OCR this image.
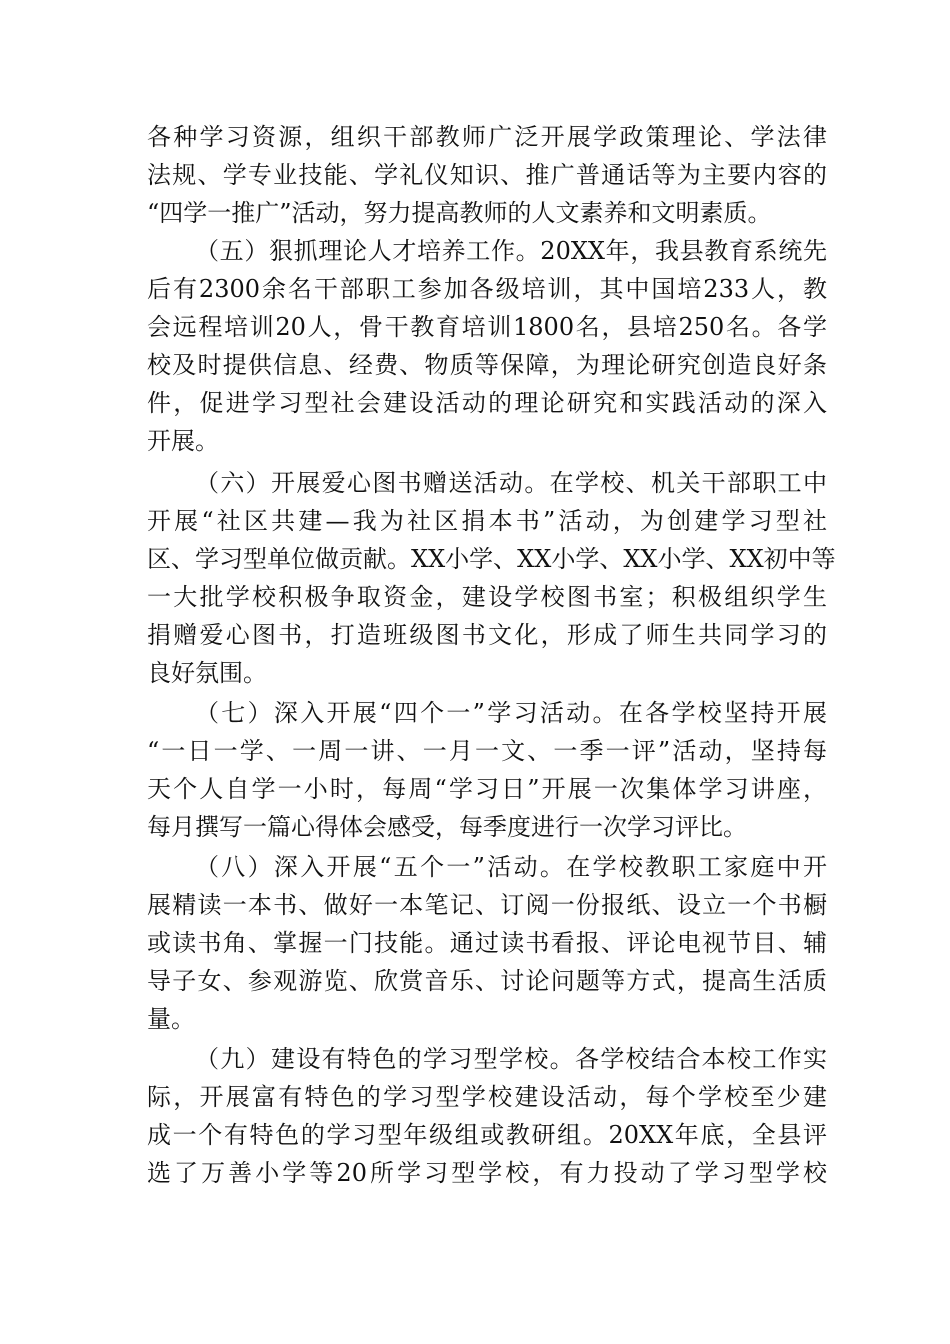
各种学习资源，组织干部教师广泛开展学政策理论、学法律

法规、学专业技能、学礼仪知识、推广普通话等为主要内容的

“四学一推广”活动，努力提高教师的人文素养和文明素质。

（五）狠抓理论人才培养工作。20XX年，我县教育系统先

后有2300余名干部职工参加各级培训，其中国培233人，教

会远程培训20人，骨干教育培训1800名，县培250名。各学

校及时提供信息、经费、物质等保障，为理论研究创造良好条

件，促进学习型社会建设活动的理论研究和实践活动的深入

开展。

（六）开展爱心图书赠送活动。在学校、机关干部职工中

开展“社区共建—我为社区捐本书”活动，为创建学习型社

区、学习型单位做贡献。XX小学、XX小学、XX小学、XX初中等

一大批学校积极争取资金，建设学校图书室；积极组织学生

捐赠爱心图书，打造班级图书文化，形成了师生共同学习的

良好氛围。

（七）深入开展“四个一”学习活动。在各学校坚持开展

“一日一学、一周一讲、一月一文、一季一评”活动，坚持每

天个人自学一小时，每周“学习日”开展一次集体学习讲座，

每月撰写一篇心得体会感受，每季度进行一次学习评比。

（八）深入开展“五个一”活动。在学校教职工家庭中开

展精读一本书、做好一本笔记、订阅一份报纸、设立一个书橱

或读书角、掌握一门技能。通过读书看报、评论电视节目、辅

导子女、参观游览、欣赏音乐、讨论问题等方式，提高生活质

量。

（九）建设有特色的学习型学校。各学校结合本校工作实

际，开展富有特色的学习型学校建设活动，每个学校至少建

成一个有特色的学习型年级组或教研组。20XX年底，全县评

选了万善小学等20所学习型学校，有力投动了学习型学校
